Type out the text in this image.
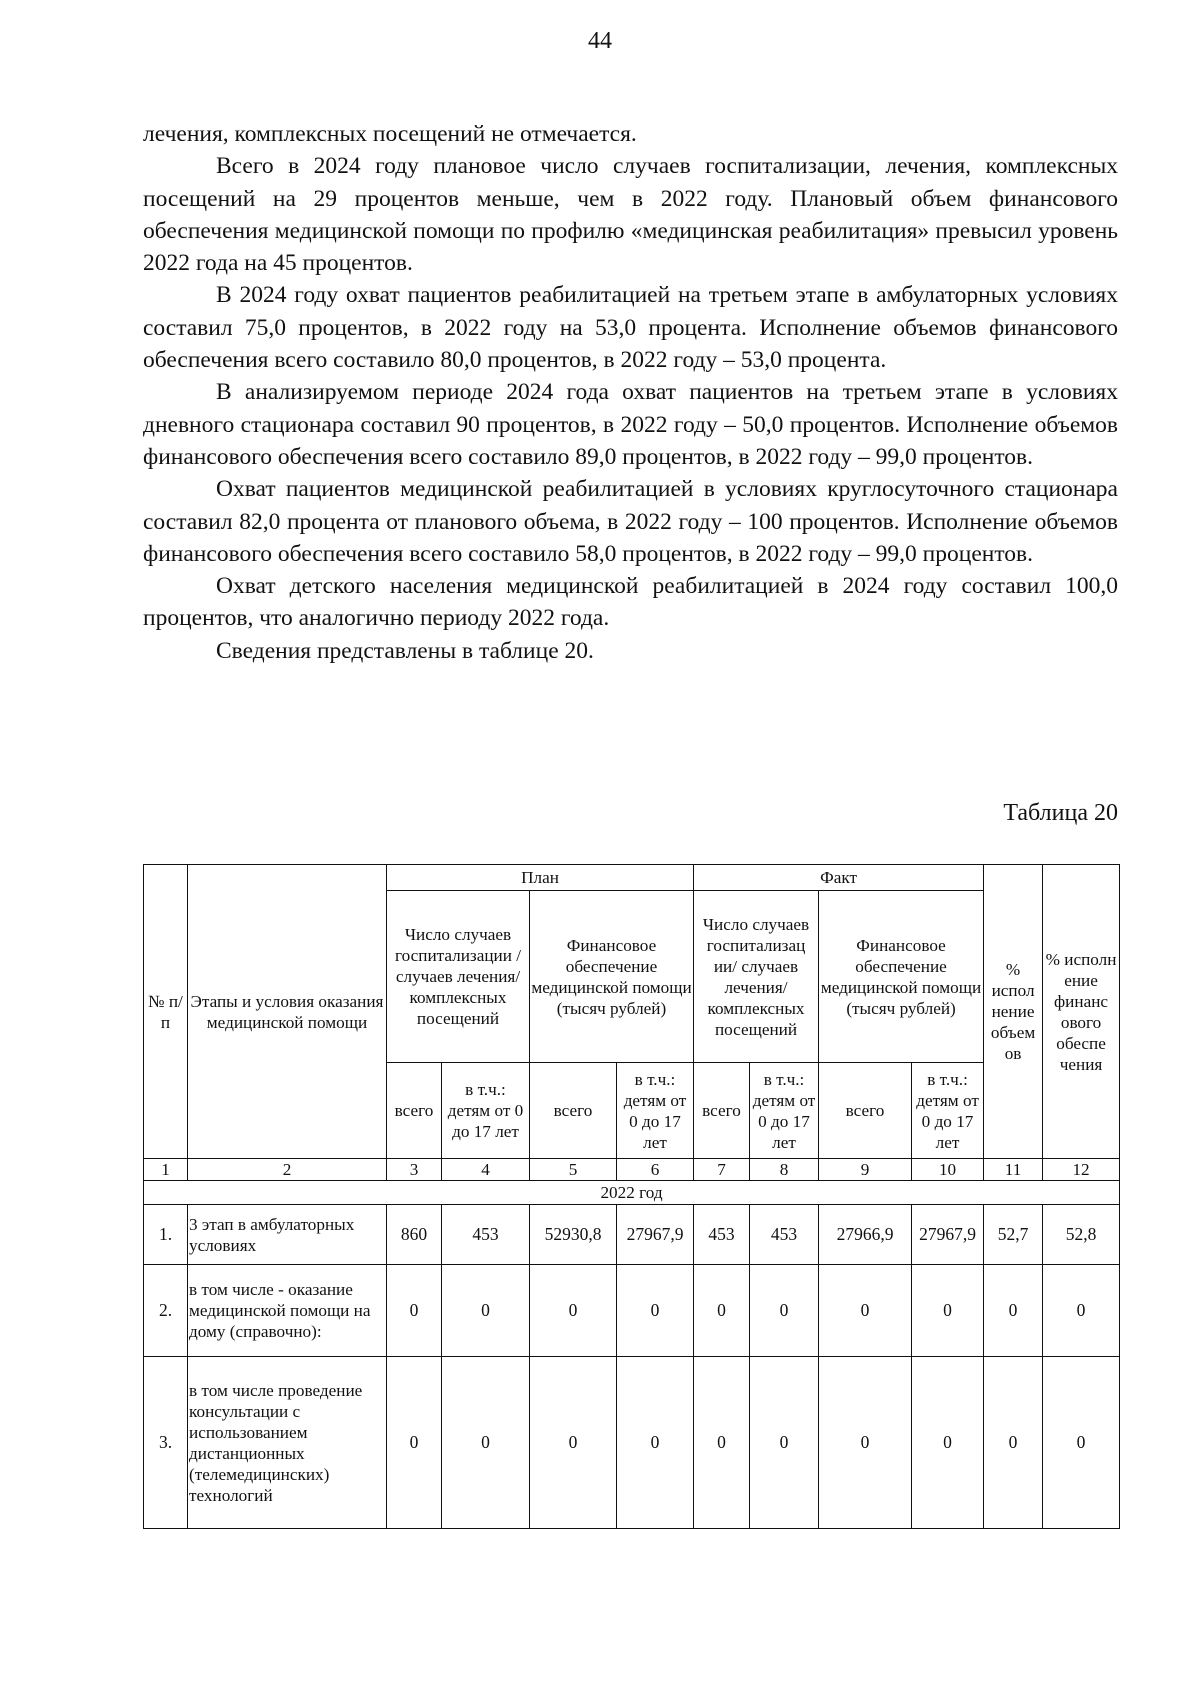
44

лечения, комплексных посещений не отмечается.

Всего в 2024 году плановое число случаев госпитализации, лечения, комплексных посещений на 29 процентов меньше, чем в 2022 году. Плановый объем финансового обеспечения медицинской помощи по профилю «медицинская реабилитация» превысил уровень 2022 года на 45 процентов.

В 2024 году охват пациентов реабилитацией на третьем этапе в амбулаторных условиях составил 75,0 процентов, в 2022 году на 53,0 процента. Исполнение объемов финансового обеспечения всего составило 80,0 процентов, в 2022 году – 53,0 процента.

В анализируемом периоде 2024 года охват пациентов на третьем этапе в условиях дневного стационара составил 90 процентов, в 2022 году – 50,0 процентов. Исполнение объемов финансового обеспечения всего составило 89,0 процентов, в 2022 году – 99,0 процентов.

Охват пациентов медицинской реабилитацией в условиях круглосуточного стационара составил 82,0 процента от планового объема, в 2022 году – 100 процентов. Исполнение объемов финансового обеспечения всего составило 58,0 процентов, в 2022 году – 99,0 процентов.

Охват детского населения медицинской реабилитацией в 2024 году составил 100,0 процентов, что аналогично периоду 2022 года.

Сведения представлены в таблице 20.

Таблица 20
№ п/п	Этапы и условия оказания медицинской помощи	План				Факт				% испол нение объем ов	% исполн ение финанс ового обеспе чения
		Число случаев госпитализации / случаев лечения/ комплексных посещений		Финансовое обеспечение медицинской помощи (тысяч рублей)		Число случаев госпитализац ии/ случаев лечения/ комплексных посещений		Финансовое обеспечение медицинской помощи (тысяч рублей)			
		всего	в т.ч.: детям от 0 до 17 лет	всего	в т.ч.: детям от 0 до 17 лет	всего	в т.ч.: детям от 0 до 17 лет	всего	в т.ч.: детям от 0 до 17 лет		
1	2	3	4	5	6	7	8	9	10	11	12
2022 год											
1.	3 этап в амбулаторных условиях	860	453	52930,8	27967,9	453	453	27966,9	27967,9	52,7	52,8
2.	в том числе - оказание медицинской помощи на дому (справочно):	0	0	0	0	0	0	0	0	0	0
3.	в том числе проведение консультации с использованием дистанционных (телемедицинских) технологий	0	0	0	0	0	0	0	0	0	0
